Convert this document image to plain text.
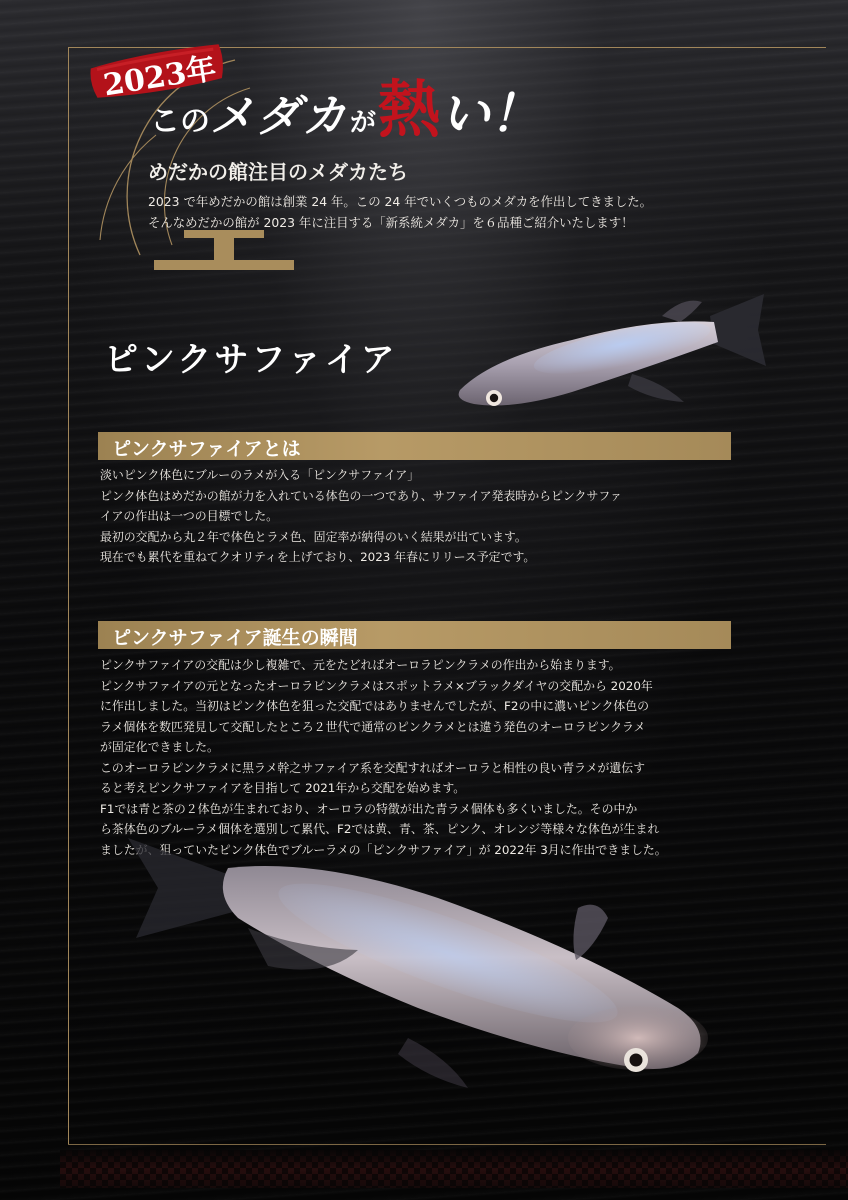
2023年
このメダカが熱い！
めだかの館注目のメダカたち
2023 で年めだかの館は創業 24 年。この 24 年でいくつものメダカを作出してきました。
そんなめだかの館が 2023 年に注目する「新系統メダカ」を６品種ご紹介いたします！
ピンクサファイア
ピンクサファイアとは
淡いピンク体色にブルーのラメが入る「ピンクサファイア」
ピンク体色はめだかの館が力を入れている体色の一つであり、サファイア発表時からピンクサファ
イアの作出は一つの目標でした。
最初の交配から丸２年で体色とラメ色、固定率が納得のいく結果が出ています。
現在でも累代を重ねてクオリティを上げており、2023 年春にリリース予定です。
ピンクサファイア誕生の瞬間
ピンクサファイアの交配は少し複雑で、元をたどればオーロラピンクラメの作出から始まります。
ピンクサファイアの元となったオーロラピンクラメはスポットラメ×ブラックダイヤの交配から 2020年
に作出しました。当初はピンク体色を狙った交配ではありませんでしたが、F2の中に濃いピンク体色の
ラメ個体を数匹発見して交配したところ２世代で通常のピンクラメとは違う発色のオーロラピンクラメ
が固定化できました。
このオーロラピンクラメに黒ラメ幹之サファイア系を交配すればオーロラと相性の良い青ラメが遺伝す
ると考えピンクサファイアを目指して 2021年から交配を始めます。
F1では青と茶の２体色が生まれており、オーロラの特徴が出た青ラメ個体も多くいました。その中か
ら茶体色のブルーラメ個体を選別して累代、F2では黄、青、茶、ピンク、オレンジ等様々な体色が生まれ
ましたが、狙っていたピンク体色でブルーラメの「ピンクサファイア」が 2022年 3月に作出できました。
